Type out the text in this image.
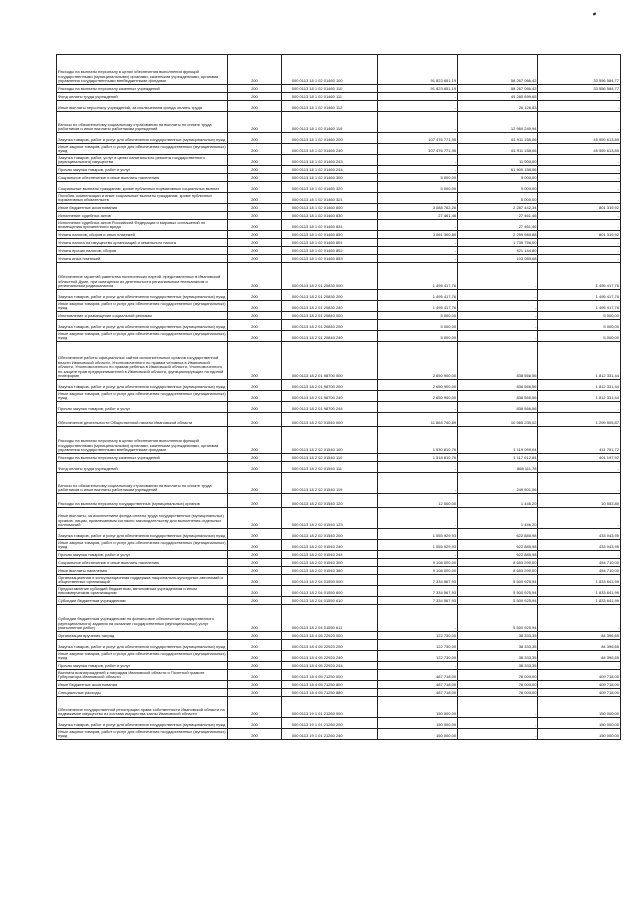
Расходы на выплаты персоналу в целях обеспечения выполнения функций государственными (муниципальными) органами, казенными учреждениями, органами управления государственными внебюджетными фондами	200	000 0113 18 1 02 01460 100	91 823 651,19	58 267 066,42	33 556 584,77
Расходы на выплаты персоналу казенных учреждений	200	000 0113 18 1 02 01460 110	91 823 651,19	58 267 066,42	33 556 584,77
Фонд оплаты труда учреждений	200	000 0113 18 1 02 01460 111	-	45 280 699,65	-
Иные выплаты персоналу учреждений, за исключением фонда оплаты труда	200	000 0113 18 1 02 01460 112	-	26 126,83	-
Взносы по обязательному социальному страхованию на выплаты по оплате труда работников и иные выплаты работникам учреждений	200	000 0113 18 1 02 01460 119	-	12 960 249,94	-
Закупка товаров, работ и услуг для обеспечения государственных (муниципальных) нужд	200	000 0113 18 1 02 01460 200	107 476 771,95	61 911 158,06	45 559 613,89
Иные закупки товаров, работ и услуг для обеспечения государственных (муниципальных) нужд	200	000 0113 18 1 02 01460 240	107 476 771,95	61 911 158,06	45 559 613,89
Закупка товаров, работ, услуг в целях капитального ремонта государственного (муниципального) имущества	200	000 0113 18 1 02 01460 243	-	11 000,00	-
Прочая закупка товаров, работ и услуг	200	000 0113 18 1 02 01460 244	-	61 900 158,06	-
Социальное обеспечение и иные выплаты населению	200	000 0113 18 1 02 01460 300	5 000,00	5 000,00	-
Социальные выплаты гражданам, кроме публичных нормативных социальных выплат	200	000 0113 18 1 02 01460 320	5 000,00	5 000,00	-
Пособия, компенсации и иные социальные выплаты гражданам, кроме публичных нормативных обязательств	200	000 0113 18 1 02 01460 321	-	5 000,00	-
Иные бюджетные ассигнования	200	000 0113 18 1 02 01460 800	3 088 762,26	2 287 442,34	801 319,92
Исполнение судебных актов	200	000 0113 18 1 02 01460 830	27 461,46	27 461,46	-
Исполнение судебных актов Российской Федерации и мировых соглашений по возмещению причиненного вреда	200	000 0113 18 1 02 01460 831	-	27 461,46	-
Уплата налогов, сборов и иных платежей	200	000 0113 18 1 02 01460 850	3 061 300,80	2 259 980,88	801 319,92
Уплата налога на имущество организаций и земельного налога	200	000 0113 18 1 02 01460 851	-	1 735 756,00	-
Уплата прочих налогов, сборов	200	000 0113 18 1 02 01460 852	-	421 144,80	-
Уплата иных платежей	200	000 0113 18 1 02 01460 853	-	103 080,08	-
Обеспечение гарантий равенства политических партий, представленных в Ивановской областной Думе, при освещении их деятельности региональным телеканалом и региональным радиоканалом	200	000 0113 18 2 01 20830 000	1 495 417,76	-	1 495 417,76
Закупка товаров, работ и услуг для обеспечения государственных (муниципальных) нужд	200	000 0113 18 2 01 20830 200	1 495 417,76	-	1 495 417,76
Иные закупки товаров, работ и услуг для обеспечения государственных (муниципальных) нужд	200	000 0113 18 2 01 20830 240	1 495 417,76	-	1 495 417,76
Изготовление и размещение социальной рекламы	200	000 0113 18 2 01 20840 000	5 000,00	-	5 000,00
Закупка товаров, работ и услуг для обеспечения государственных (муниципальных) нужд	200	000 0113 18 2 01 20840 200	5 000,00	-	5 000,00
Иные закупки товаров, работ и услуг для обеспечения государственных (муниципальных) нужд	200	000 0113 18 2 01 20840 240	5 000,00	-	5 000,00
Обеспечение работы официальных сайтов исполнительных органов государственной власти Ивановской области, Уполномоченного по правам человека в Ивановской области, Уполномоченного по правам ребенка в Ивановской области, Уполномоченного по защите прав предпринимателей в Ивановской области, функционирующих на единой платформе	200	000 0113 18 2 01 98700 000	2 650 900,00	838 566,56	1 812 331,44
Закупка товаров, работ и услуг для обеспечения государственных (муниципальных) нужд	200	000 0113 18 2 01 98700 200	2 650 900,00	838 566,56	1 812 331,44
Иные закупки товаров, работ и услуг для обеспечения государственных (муниципальных) нужд	200	000 0113 18 2 01 98700 240	2 650 900,00	838 566,56	1 812 331,44
Прочая закупка товаров, работ и услуг	200	000 0113 18 2 01 98700 244	-	838 566,56	-
Обеспечение деятельности Общественной палаты Ивановской области	200	000 0113 18 2 02 01540 000	11 864 740,89	10 565 235,02	1 299 505,87
Расходы на выплаты персоналу в целях обеспечения выполнения функций государственными (муниципальными) органами, казенными учреждениями, органами управления государственными внебюджетными фондами	200	000 0113 18 2 02 01540 100	1 530 810,76	1 119 059,04	411 751,72
Расходы на выплаты персоналу казенных учреждений	200	000 0113 18 2 02 01540 110	1 518 810,76	1 117 612,84	401 197,92
Фонд оплаты труда учреждений	200	000 0113 18 2 02 01540 111	-	868 111,78	-
Взносы по обязательному социальному страхованию на выплаты по оплате труда работников и иные выплаты работникам учреждений	200	000 0113 18 2 02 01540 119	-	249 501,06	-
Расходы на выплаты персоналу государственных (муниципальных) органов	200	000 0113 18 2 02 01540 120	12 000,00	1 446,20	10 553,80
Иные выплаты, за исключением фонда оплаты труда государственных (муниципальных) органов, лицам, привлекаемым согласно законодательству для выполнения отдельных полномочий	200	000 0113 18 2 02 01540 123	-	1 446,20	-
Закупка товаров, работ и услуг для обеспечения государственных (муниципальных) нужд	200	000 0113 18 2 02 01540 200	1 055 929,93	622 885,98	433 043,95
Иные закупки товаров, работ и услуг для обеспечения государственных (муниципальных) нужд	200	000 0113 18 2 02 01540 240	1 055 929,93	622 885,98	433 043,95
Прочая закупка товаров, работ и услуг	200	000 0113 18 2 02 01540 244	-	622 885,98	-
Социальное обеспечение и иные выплаты населению	200	000 0113 18 2 02 01540 300	9 108 000,00	8 653 290,00	454 710,00
Иные выплаты населению	200	000 0113 18 2 02 01540 360	9 108 000,00	8 653 290,00	454 710,00
Организационная и консультационная поддержка национально-культурных автономий и общественных организаций	200	000 0113 18 2 04 01550 000	7 334 567,93	5 500 925,94	1 833 641,99
Предоставление субсидий бюджетным, автономным учреждениям и иным некоммерческим организациям	200	000 0113 18 2 04 01550 600	7 334 567,93	5 500 925,94	1 833 641,99
Субсидии бюджетным учреждениям	200	000 0113 18 2 04 01550 610	7 334 567,93	5 500 925,94	1 833 641,99
Субсидии бюджетным учреждениям на финансовое обеспечение государственного (муниципального) задания на оказание государственных (муниципальных) услуг (выполнение работ)	200	000 0113 18 2 04 01550 611	-	5 500 925,94	-
Организация вручения наград	200	000 0113 18 4 05 22920 000	122 730,00	38 333,35	84 396,65
Закупка товаров, работ и услуг для обеспечения государственных (муниципальных) нужд	200	000 0113 18 4 05 22920 200	122 730,00	38 333,35	84 396,65
Иные закупки товаров, работ и услуг для обеспечения государственных (муниципальных) нужд	200	000 0113 18 4 05 22920 240	122 730,00	38 333,35	84 396,65
Прочая закупка товаров, работ и услуг	200	000 0113 18 4 05 22920 244	-	38 333,35	-
Выплата вознаграждений к наградам Ивановской области и Почетной грамоте Губернатора Ивановской области	200	000 0113 18 4 05 71250 000	487 718,00	78 000,00	409 718,00
Иные бюджетные ассигнования	200	000 0113 18 4 05 71250 800	487 718,00	78 000,00	409 718,00
Специальные расходы	200	000 0113 18 4 05 71250 880	487 718,00	78 000,00	409 718,00
Обеспечение государственной регистрации права собственности Ивановской области на недвижимое имущество из состава имущества казны Ивановской области	200	000 0113 19 1 01 21260 000	150 000,00	-	150 000,00
Закупка товаров, работ и услуг для обеспечения государственных (муниципальных) нужд	200	000 0113 19 1 01 21260 200	150 000,00	-	150 000,00
Иные закупки товаров, работ и услуг для обеспечения государственных (муниципальных) нужд	200	000 0113 19 1 01 21260 240	150 000,00	-	150 000,00
